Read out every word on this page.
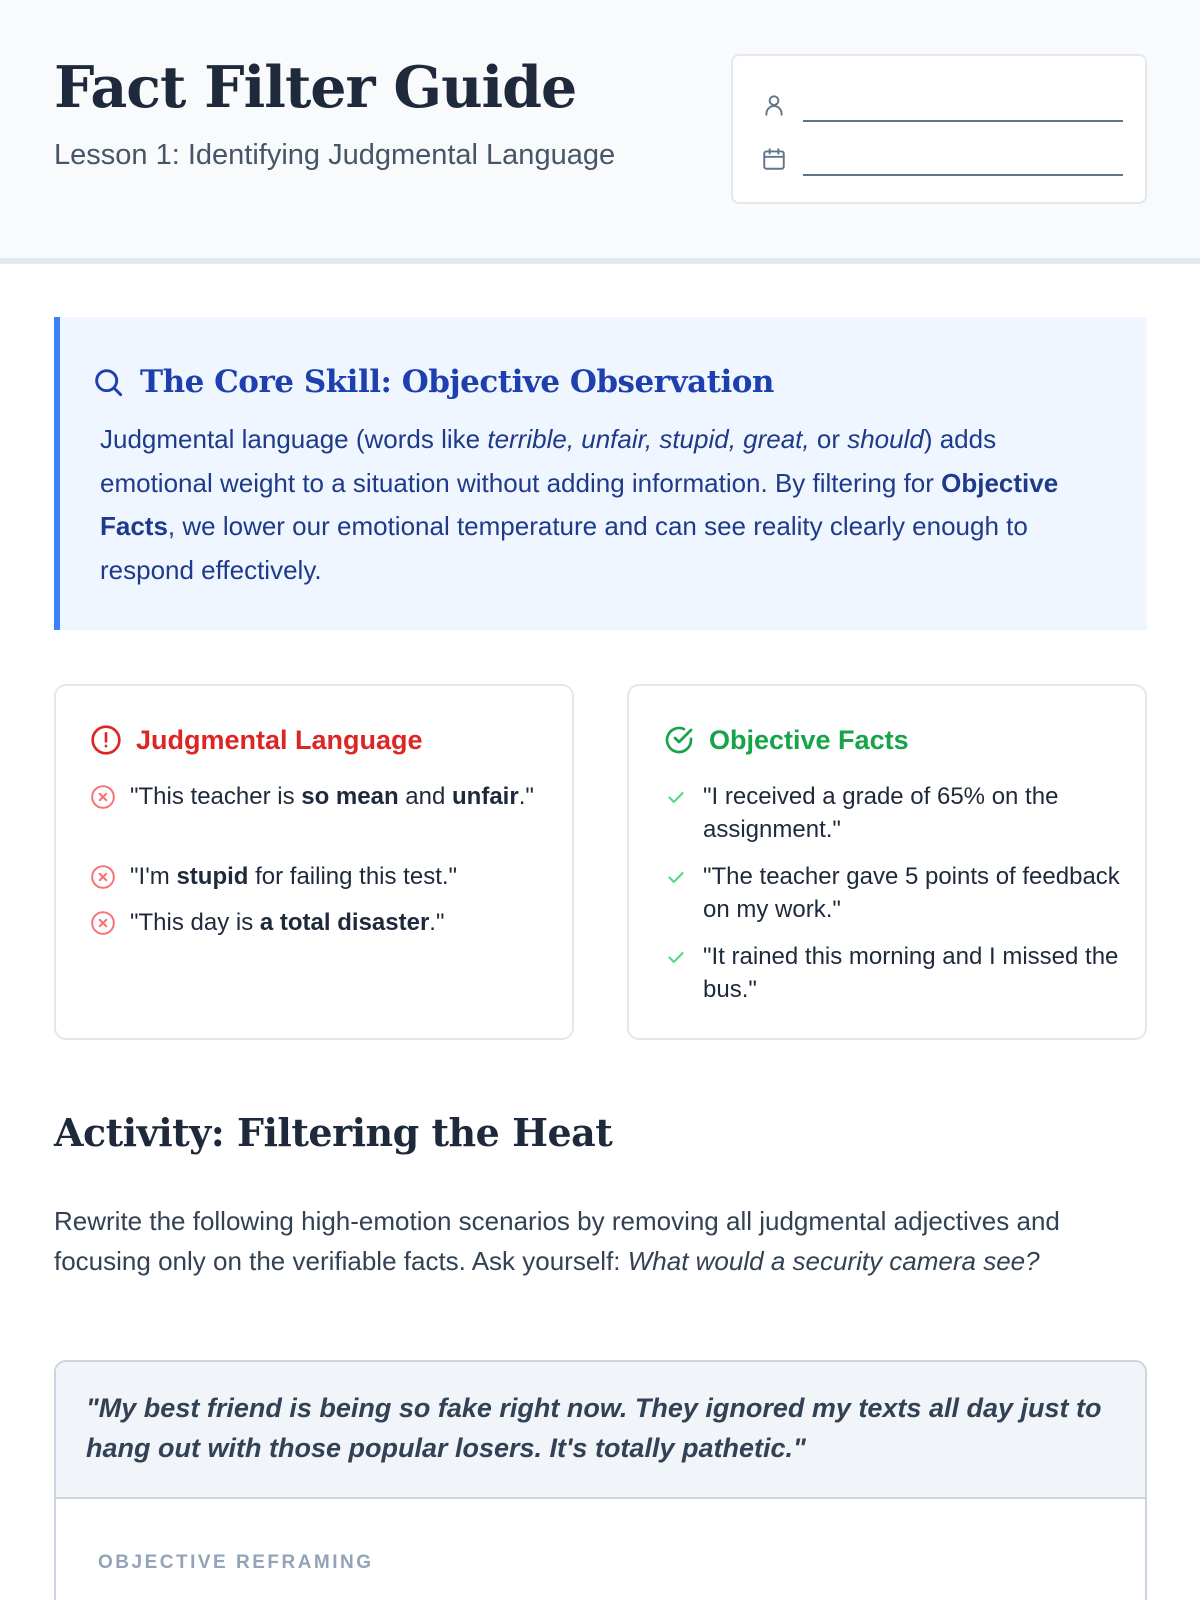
Fact Filter Guide
Lesson 1: Identifying Judgmental Language
The Core Skill: Objective Observation
Judgmental language (words like terrible, unfair, stupid, great, or should) adds emotional weight to a situation without adding information. By filtering for Objective Facts, we lower our emotional temperature and can see reality clearly enough to respond effectively.
Judgmental Language
"This teacher is so mean and unfair."
"I'm stupid for failing this test."
"This day is a total disaster."
Objective Facts
"I received a grade of 65% on the assignment."
"The teacher gave 5 points of feedback on my work."
"It rained this morning and I missed the bus."
Activity: Filtering the Heat
Rewrite the following high-emotion scenarios by removing all judgmental adjectives and focusing only on the verifiable facts. Ask yourself: What would a security camera see?

"My best friend is being so fake right now. They ignored my texts all day just to hang out with those popular losers. It's totally pathetic."

OBJECTIVE REFRAMING
